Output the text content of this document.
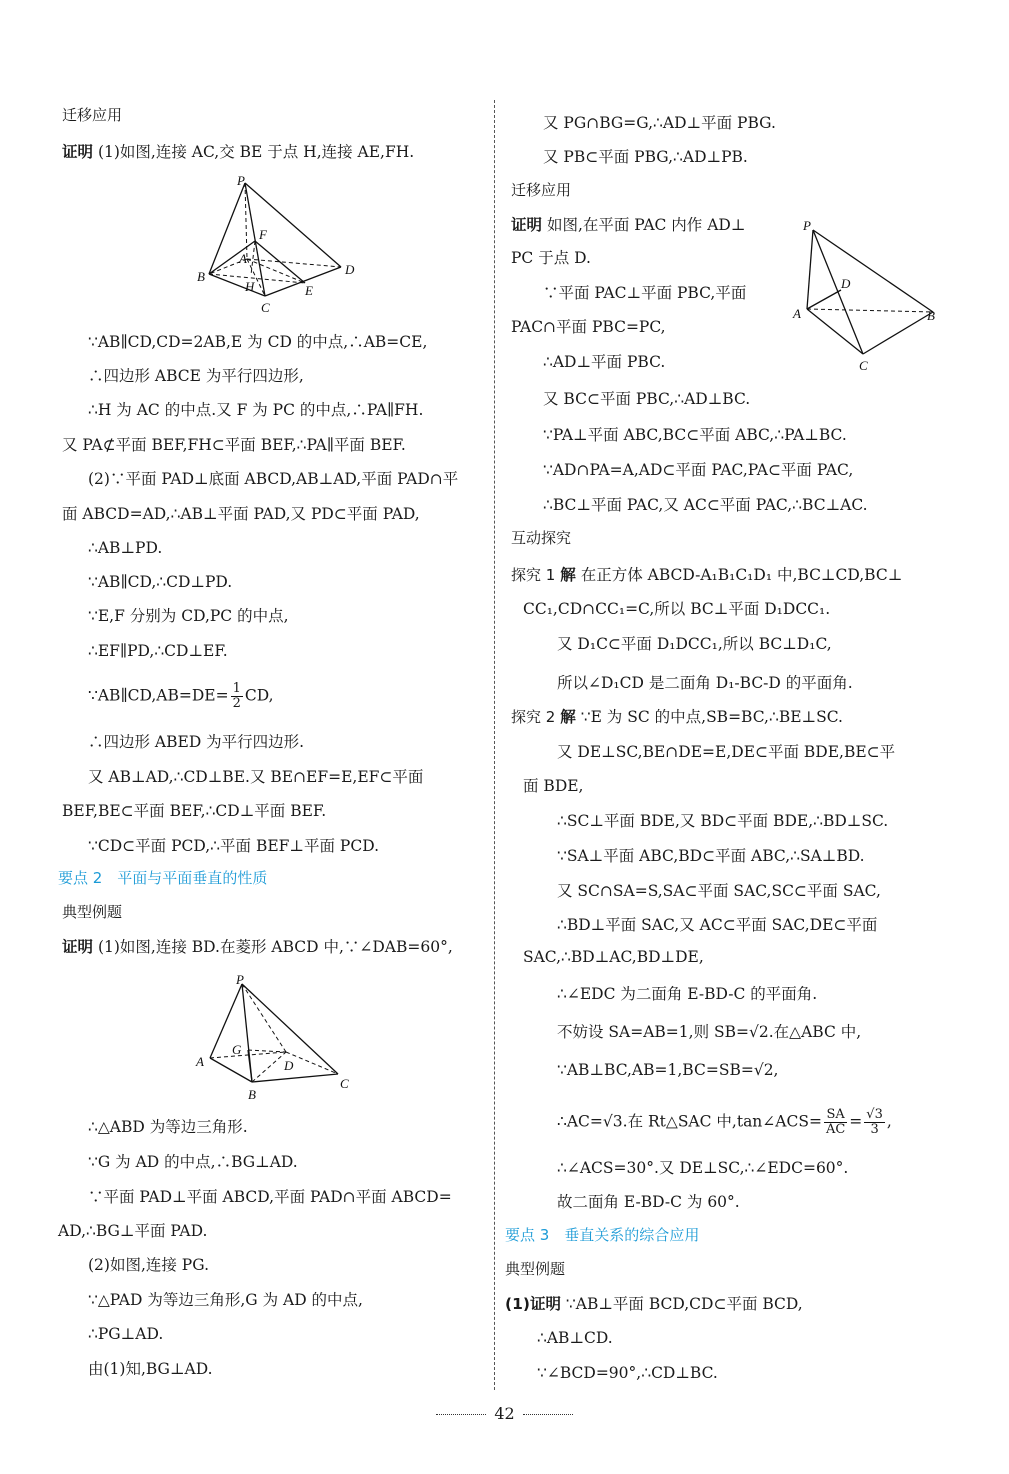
迁移应用
证明 (1)如图,连接 AC,交 BE 于点 H,连接 AE,FH.
P
F
A
B
H	E
D
C
∵AB∥CD,CD=2AB,E 为 CD 的中点,∴AB=CE,
∴四边形 ABCE 为平行四边形,
∴H 为 AC 的中点.又 F 为 PC 的中点,∴PA∥FH.
又 PA⊄平面 BEF,FH⊂平面 BEF,∴PA∥平面 BEF.
(2)∵平面 PAD⊥底面 ABCD,AB⊥AD,平面 PAD∩平
面 ABCD=AD,∴AB⊥平面 PAD,又 PD⊂平面 PAD,
∴AB⊥PD.
∵AB∥CD,∴CD⊥PD.
∵E,F 分别为 CD,PC 的中点,
∴EF∥PD,∴CD⊥EF.
∵AB∥CD,AB=DE= $\frac{1}{2}$ CD,
∴四边形 ABED 为平行四边形.
又 AB⊥AD,∴CD⊥BE.又 BE∩EF=E,EF⊂平面
BEF,BE⊂平面 BEF,∴CD⊥平面 BEF.
∵CD⊂平面 PCD,∴平面 BEF⊥平面 PCD.
要点 2　平面与平面垂直的性质
典型例题
证明 (1)如图,连接 BD.在菱形 ABCD 中,∵∠DAB=60°,
P
G
D
A
B
C
∴△ABD 为等边三角形.
∵G 为 AD 的中点,∴BG⊥AD.
∵平面 PAD⊥平面 ABCD,平面 PAD∩平面 ABCD=
AD,∴BG⊥平面 PAD.
(2)如图,连接 PG.
∵△PAD 为等边三角形,G 为 AD 的中点,
∴PG⊥AD.
由(1)知,BG⊥AD.
又 PG∩BG=G,∴AD⊥平面 PBG.
又 PB⊂平面 PBG,∴AD⊥PB.
迁移应用
证明 如图,在平面 PAC 内作 AD⊥
PC 于点 D.
∵平面 PAC⊥平面 PBC,平面
PAC∩平面 PBC=PC,
∴AD⊥平面 PBC.
P
D
A	B
C
又 BC⊂平面 PBC,∴AD⊥BC.
∵PA⊥平面 ABC,BC⊂平面 ABC,∴PA⊥BC.
∵AD∩PA=A,AD⊂平面 PAC,PA⊂平面 PAC,
∴BC⊥平面 PAC,又 AC⊂平面 PAC,∴BC⊥AC.
互动探究
探究 1 解 在正方体 ABCD-A₁B₁C₁D₁ 中,BC⊥CD,BC⊥
CC₁,CD∩CC₁=C,所以 BC⊥平面 D₁DCC₁.
又 D₁C⊂平面 D₁DCC₁,所以 BC⊥D₁C,
所以∠D₁CD 是二面角 D₁-BC-D 的平面角.
探究 2 解 ∵E 为 SC 的中点,SB=BC,∴BE⊥SC.
又 DE⊥SC,BE∩DE=E,DE⊂平面 BDE,BE⊂平
面 BDE,
∴SC⊥平面 BDE,又 BD⊂平面 BDE,∴BD⊥SC.
∵SA⊥平面 ABC,BD⊂平面 ABC,∴SA⊥BD.
又 SC∩SA=S,SA⊂平面 SAC,SC⊂平面 SAC,
∴BD⊥平面 SAC,又 AC⊂平面 SAC,DE⊂平面
SAC,∴BD⊥AC,BD⊥DE,
∴∠EDC 为二面角 E-BD-C 的平面角.
不妨设 SA=AB=1,则 SB=√2.在△ABC 中,
∵AB⊥BC,AB=1,BC=SB=√2,
∴AC=√3.在 Rt△SAC 中,tan∠ACS= $\frac{SA}{AC} = \frac{√3}{3}$ ,
∴∠ACS=30°.又 DE⊥SC,∴∠EDC=60°.
故二面角 E-BD-C 为 60°.
要点 3　垂直关系的综合应用
典型例题
(1)证明 ∵AB⊥平面 BCD,CD⊂平面 BCD,
∴AB⊥CD.
∵∠BCD=90°,∴CD⊥BC.
42
